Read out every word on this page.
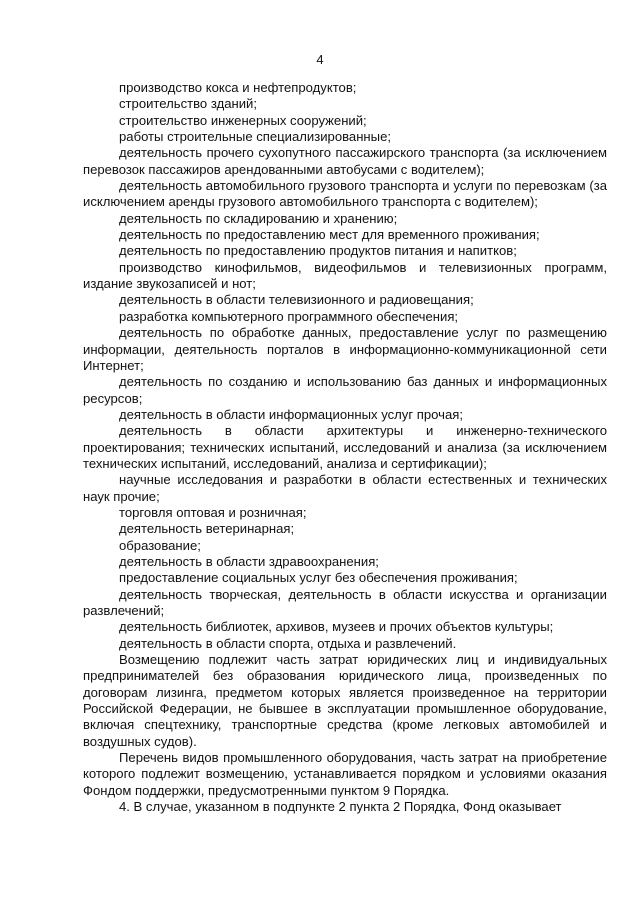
4

производство кокса и нефтепродуктов;

строительство зданий;

строительство инженерных сооружений;

работы строительные специализированные;

деятельность прочего сухопутного пассажирского транспорта (за исключением перевозок пассажиров арендованными автобусами с водителем);

деятельность автомобильного грузового транспорта и услуги по перевозкам (за исключением аренды грузового автомобильного транспорта с водителем);

деятельность по складированию и хранению;

деятельность по предоставлению мест для временного проживания;

деятельность по предоставлению продуктов питания и напитков;

производство кинофильмов, видеофильмов и телевизионных программ, издание звукозаписей и нот;

деятельность в области телевизионного и радиовещания;

разработка компьютерного программного обеспечения;

деятельность по обработке данных, предоставление услуг по размещению информации, деятельность порталов в информационно-коммуникационной сети Интернет;

деятельность по созданию и использованию баз данных и информационных ресурсов;

деятельность в области информационных услуг прочая;

деятельность в области архитектуры и инженерно-технического проектирования; технических испытаний, исследований и анализа (за исключением технических испытаний, исследований, анализа и сертификации);

научные исследования и разработки в области естественных и технических наук прочие;

торговля оптовая и розничная;

деятельность ветеринарная;

образование;

деятельность в области здравоохранения;

предоставление социальных услуг без обеспечения проживания;

деятельность творческая, деятельность в области искусства и организации развлечений;

деятельность библиотек, архивов, музеев и прочих объектов культуры;

деятельность в области спорта, отдыха и развлечений.

Возмещению подлежит часть затрат юридических лиц и индивидуальных предпринимателей без образования юридического лица, произведенных по договорам лизинга, предметом которых является произведенное на территории Российской Федерации, не бывшее в эксплуатации промышленное оборудование, включая спецтехнику, транспортные средства (кроме легковых автомобилей и воздушных судов).

Перечень видов промышленного оборудования, часть затрат на приобретение которого подлежит возмещению, устанавливается порядком и условиями оказания Фондом поддержки, предусмотренными пунктом 9 Порядка.

4. В случае, указанном в подпункте 2 пункта 2 Порядка, Фонд оказывает
